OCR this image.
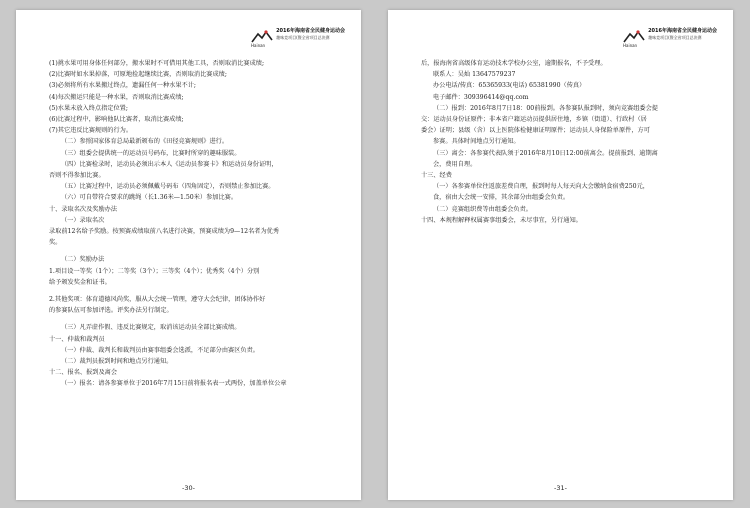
Hainan
2016年海南省全民健身运动会
趣味竞项目(暨全省项目总决赛
(1)挑水果可用身体任何部分，搬水果时不可借用其他工具，否则取消比赛成绩;
(2)比赛时如水果掉落，可原地捡起继续比赛，否则取消比赛成绩;
(3)必须将所有水果搬过终点，遗漏任何一种水果不计;
(4)每次搬运只能是一种水果，否则取消比赛成绩;
(5)水果未放入终点指定位置;
(6)比赛过程中，影响他队比赛者，取消比赛成绩;
(7)其它违反比赛规则的行为。
（二）参照国家体育总局最新颁布的《田径竞赛规则》进行。
（三）组委会提供统一的运动员号码布，比赛时所穿的趣味服装。
（四）比赛检录时，运动员必须出示本人《运动员参赛卡》和运动员身份证明，
否则不得参加比赛。
（五）比赛过程中，运动员必须佩戴号码布（四角固定），否则禁止参加比赛。
（六）可自带符合要求的跳绳（长1.36米—1.50米）参加比赛。
十、录取名次及奖励办法
（一）录取名次
录取前12名给予奖励。按预赛成绩取前八名进行决赛，预赛成绩为9—12名者为优秀
奖。
（二）奖励办法
1.项目设一等奖（1个）；二等奖（3个）；三等奖（4个）；优秀奖（4个）分别
给予颁发奖金和证书。
2.其他奖项：体育道德风尚奖，服从大会统一管理，遵守大会纪律，团体协作好
的参赛队伍可参加评选。评奖办法另行制定。
（三）凡弄虚作假、违反比赛规定，取消该运动员全部比赛成绩。
十一、仲裁和裁判员
（一）仲裁、裁判长和裁判员由赛事组委会选派，不足部分由赛区负责。
（二）裁判员报到时间和地点另行通知。
十二、报名、报到及离会
（一）报名：请各参赛单位于2016年7月15日前将报名表一式两份，加盖单位公章
-30-
Hainan
2016年海南省全民健身运动会
趣味竞项目(暨全省项目总决赛
后，报海南省高级体育运动技术学校办公室，逾期报名，不予受理。
联系人：吴灿 13647579237
办公电话/传真：65365933(电话) 65381990（传真）
电子邮件：309396414@qq.com
（二）报到：2016年8月7日18：00前报到。各参赛队报到时，须向竞赛组委会提
交：运动员身份证原件；非本省户籍运动员提供居住地，乡镇（街道）、行政村（居
委会）证明；县级（含）以上医院体检健康证明原件；运动员人身保险单原件，方可
参赛。具体时间地点另行通知。
（三）离会：各参赛代表队须于2016年8月10日12:00前离会。提前报到、逾期离
会，费用自理。
十三、经费
（一）各参赛单位往返旅差费自理，报到时每人每天向大会缴纳食宿费250元，
食，宿由大会统一安排，其余部分由组委会负责。
（二）竞赛组织费等由组委会负责。
十四、本规程解释权属赛事组委会，未尽事宜，另行通知。
-31-
